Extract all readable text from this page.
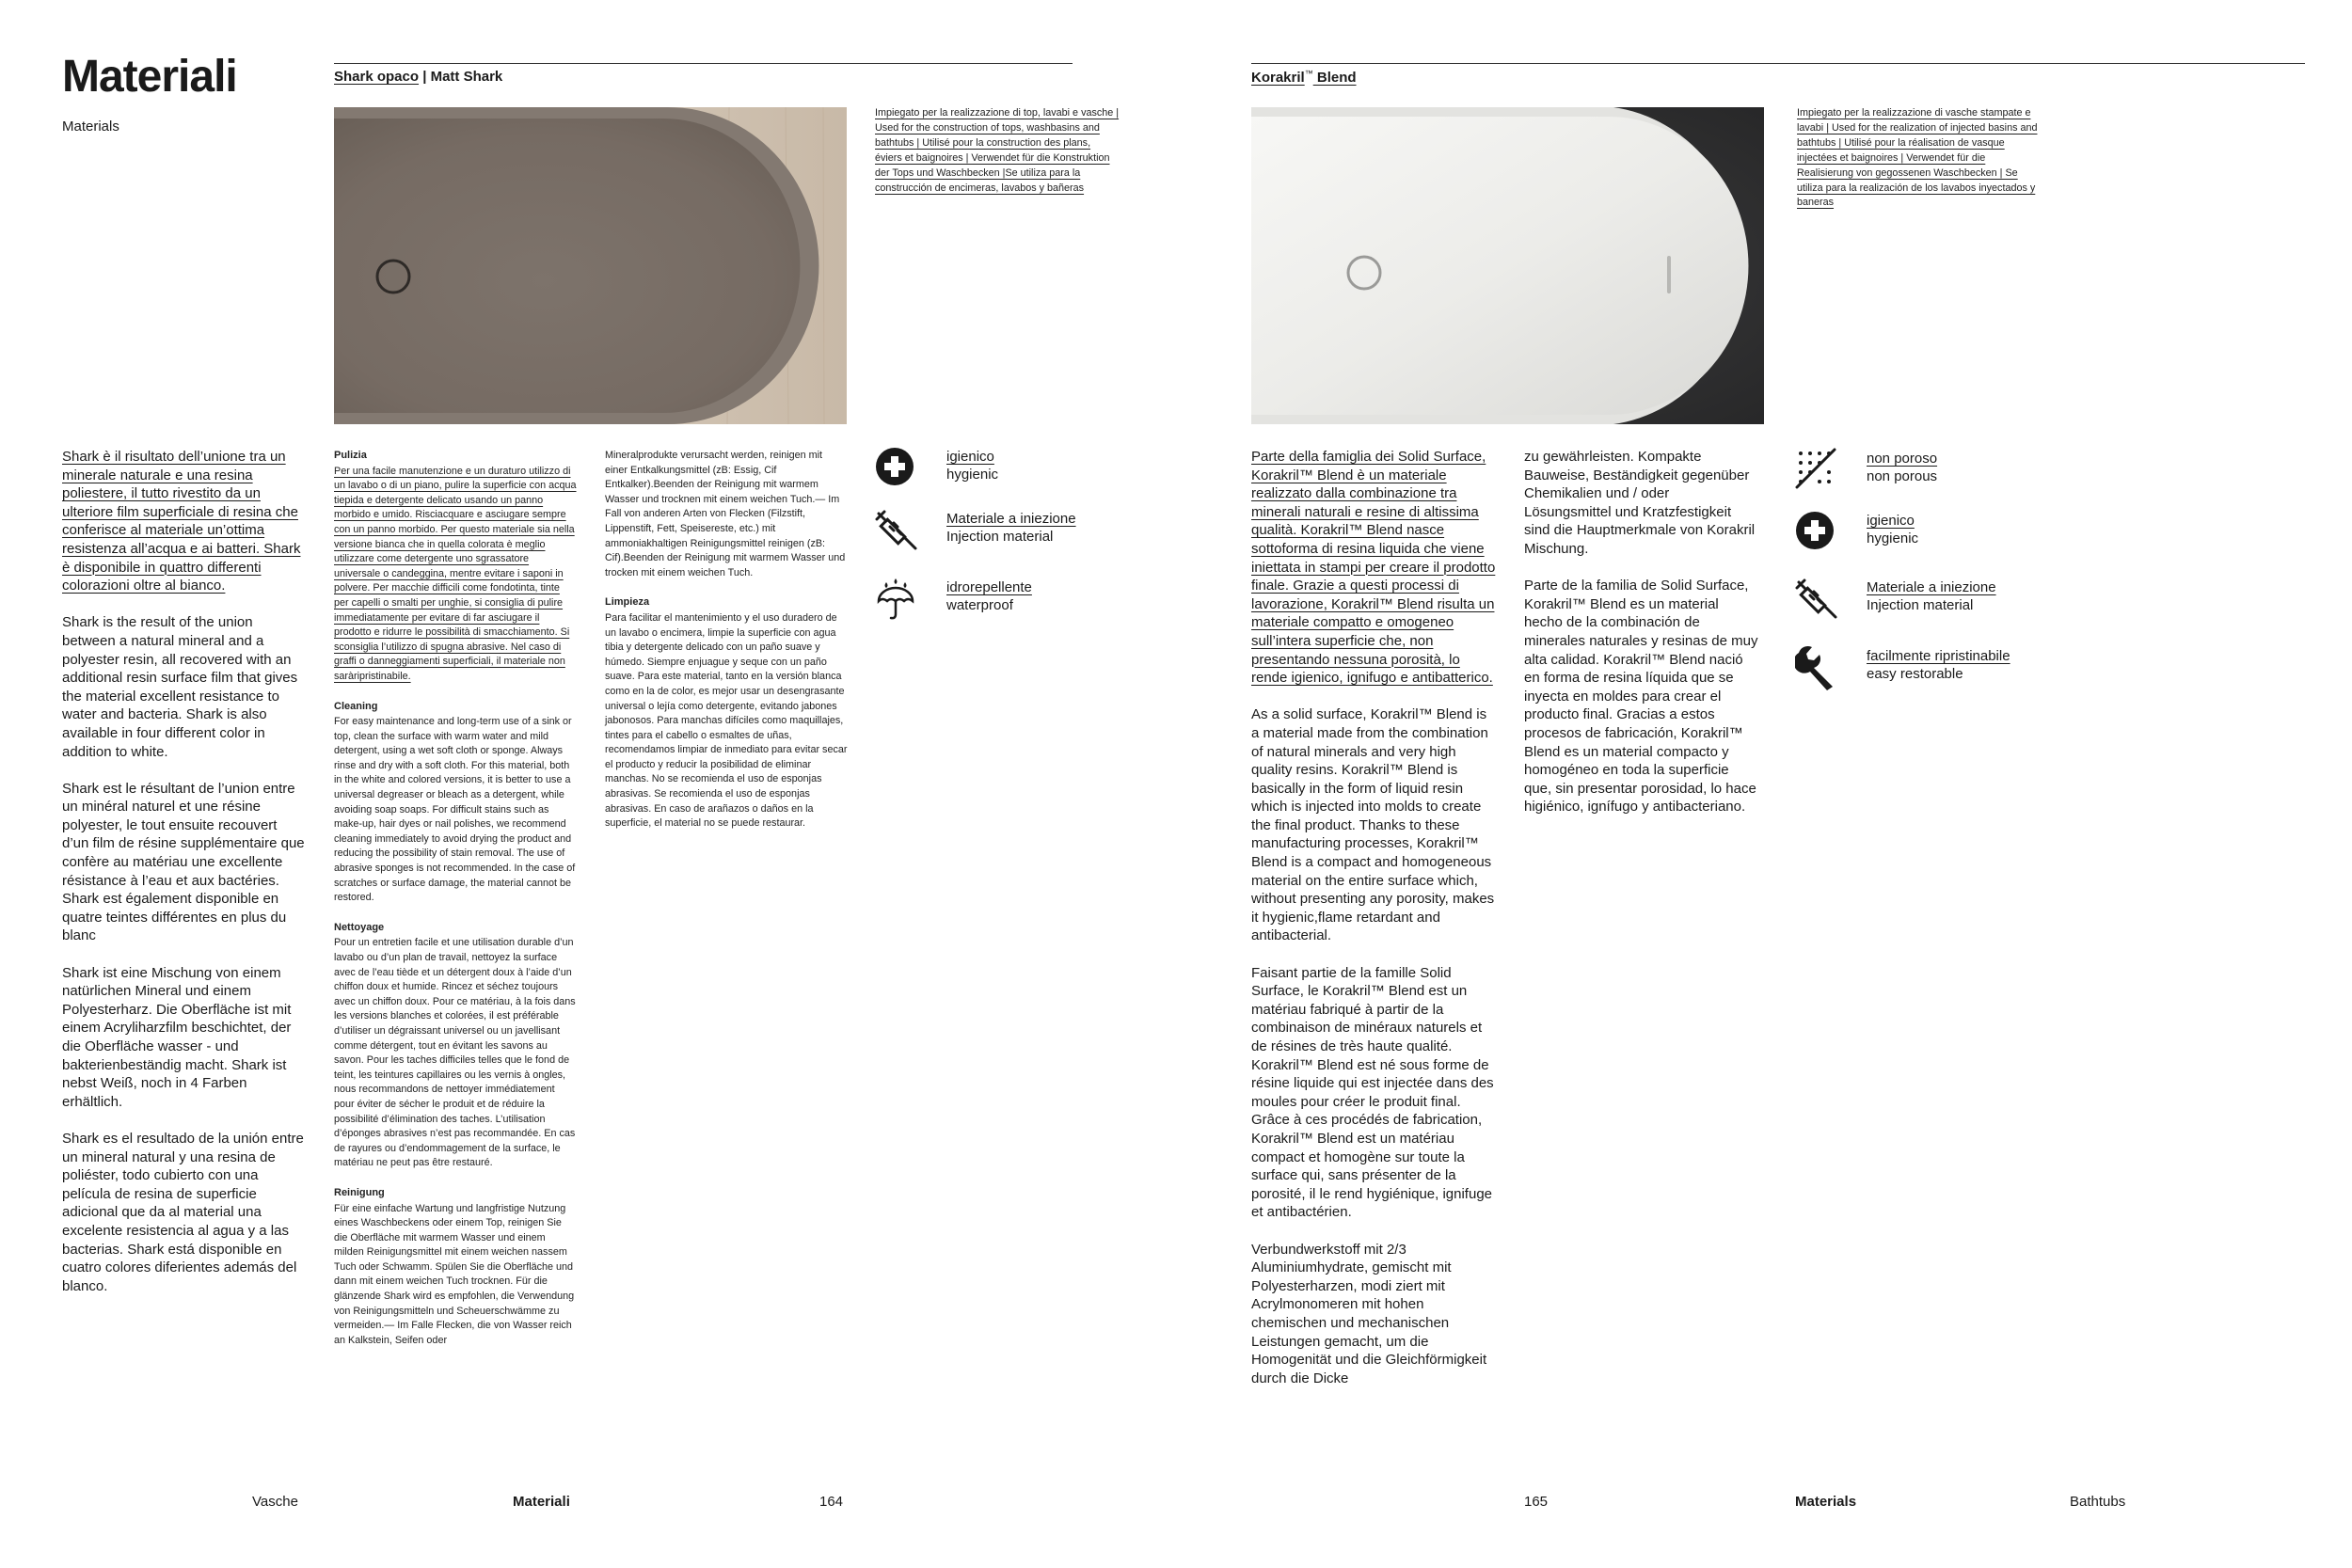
Materiali
Materials
Shark opaco | Matt Shark
Impiegato per la realizzazione di top, lavabi e vasche | Used for the construction of tops, washbasins and bathtubs | Utilisé pour la construction des plans, éviers et baignoires | Verwendet für die Konstruktion der Tops und Waschbecken |Se utiliza para la construcción de encimeras, lavabos y bañeras

Shark è il risultato dell’unione tra un minerale naturale e una resina poliestere, il tutto rivestito da un ulteriore film superficiale di resina che conferisce al materiale un’ottima resistenza all’acqua e ai batteri. Shark è disponibile in quattro differenti colorazioni oltre al bianco.

Shark is the result of the union between a natural mineral and a polyester resin, all recovered with an additional resin surface film that gives the material excellent resistance to water and bacteria. Shark is also available in four different color in addition to white.

Shark est le résultant de l’union entre un minéral naturel et une résine polyester, le tout ensuite recouvert d’un film de résine supplémentaire que confère au matériau une excellente résistance à l’eau et aux bactéries. Shark est également disponible en quatre teintes différentes en plus du blanc

Shark ist eine Mischung von einem natürlichen Mineral und einem Polyesterharz. Die Oberfläche ist mit einem Acryliharzfilm beschichtet, der die Oberfläche wasser - und bakterienbeständig macht. Shark ist nebst Weiß, noch in 4 Farben erhältlich.

Shark es el resultado de la unión entre un mineral natural y una resina de poliéster, todo cubierto con una película de resina de superficie adicional que da al material una excelente resistencia al agua y a las bacterias. Shark está disponible en cuatro colores diferientes además del blanco.

Pulizia
Per una facile manutenzione e un duraturo utilizzo di un lavabo o di un piano, pulire la superficie con acqua tiepida e detergente delicato usando un panno morbido e umido. Risciacquare e asciugare sempre con un panno morbido. Per questo materiale sia nella versione bianca che in quella colorata è meglio utilizzare come detergente uno sgrassatore universale o candeggina, mentre evitare i saponi in polvere. Per macchie difficili come fondotinta, tinte per capelli o smalti per unghie, si consiglia di pulire immediatamente per evitare di far asciugare il prodotto e ridurre le possibilità di smacchiamento. Si sconsiglia l’utilizzo di spugna abrasive. Nel caso di graffi o danneggiamenti superficiali, il materiale non saràripristinabile.
Cleaning
For easy maintenance and long-term use of a sink or top, clean the surface with warm water and mild detergent, using a wet soft cloth or sponge. Always rinse and dry with a soft cloth. For this material, both in the white and colored versions, it is better to use a universal degreaser or bleach as a detergent, while avoiding soap soaps. For difficult stains such as make-up, hair dyes or nail polishes, we recommend cleaning immediately to avoid drying the product and reducing the possibility of stain removal. The use of abrasive sponges is not recommended. In the case of scratches or surface damage, the material cannot be restored.
Nettoyage
Pour un entretien facile et une utilisation durable d’un lavabo ou d’un plan de travail, nettoyez la surface avec de l’eau tiède et un détergent doux à l’aide d’un chiffon doux et humide. Rincez et séchez toujours avec un chiffon doux. Pour ce matériau, à la fois dans les versions blanches et colorées, il est préférable d’utiliser un dégraissant universel ou un javellisant comme détergent, tout en évitant les savons au savon. Pour les taches difficiles telles que le fond de teint, les teintures capillaires ou les vernis à ongles, nous recommandons de nettoyer immédiatement pour éviter de sécher le produit et de réduire la possibilité d’élimination des taches. L’utilisation d’éponges abrasives n’est pas recommandée. En cas de rayures ou d’endommagement de la surface, le matériau ne peut pas être restauré.
Reinigung
Für eine einfache Wartung und langfristige Nutzung eines Waschbeckens oder einem Top, reinigen Sie die Oberfläche mit warmem Wasser und einem milden Reinigungsmittel mit einem weichen nassem Tuch oder Schwamm. Spülen Sie die Oberfläche und dann mit einem weichen Tuch trocknen. Für die glänzende Shark wird es empfohlen, die Verwendung von Reinigungsmitteln und Scheuerschwämme zu vermeiden.— Im Falle Flecken, die von Wasser reich an Kalkstein, Seifen oder
Mineralprodukte verursacht werden, reinigen mit einer Entkalkungsmittel (zB: Essig, Cif Entkalker).Beenden der Reinigung mit warmem Wasser und trocknen mit einem weichen Tuch.— Im Fall von anderen Arten von Flecken (Filzstift, Lippenstift, Fett, Speisereste, etc.) mit ammoniakhaltigen Reinigungsmittel reinigen (zB: Cif).Beenden der Reinigung mit warmem Wasser und trocken mit einem weichen Tuch.
Limpieza
Para facilitar el mantenimiento y el uso duradero de un lavabo o encimera, limpie la superficie con agua tibia y detergente delicado con un paño suave y húmedo. Siempre enjuague y seque con un paño suave. Para este material, tanto en la versión blanca como en la de color, es mejor usar un desengrasante universal o lejía como detergente, evitando jabones jabonosos. Para manchas difíciles como maquillajes, tintes para el cabello o esmaltes de uñas, recomendamos limpiar de inmediato para evitar secar el producto y reducir la posibilidad de eliminar manchas. No se recomienda el uso de esponjas abrasivas. Se recomienda el uso de esponjas abrasivas. En caso de arañazos o daños en la superficie, el material no se puede restaurar.
igienico
hygienic
Materiale a iniezione
Injection material
idrorepellente
waterproof
Vasche	Materiali	164
Korakril™ Blend
Impiegato per la realizzazione di vasche stampate e lavabi | Used for the realization of injected basins and bathtubs | Utilisé pour la réalisation de vasque injectées et baignoires | Verwendet für die Realisierung von gegossenen Waschbecken | Se utiliza para la realización de los lavabos inyectados y baneras

Parte della famiglia dei Solid Surface, Korakril™ Blend è un materiale realizzato dalla combinazione tra minerali naturali e resine di altissima qualità. Korakril™ Blend nasce sottoforma di resina liquida che viene iniettata in stampi per creare il prodotto finale. Grazie a questi processi di lavorazione, Korakril™ Blend risulta un materiale compatto e omogeneo sull’intera superficie che, non presentando nessuna porosità, lo rende igienico, ignifugo e antibatterico.

As a solid surface, Korakril™ Blend is a material made from the combination of natural minerals and very high quality resins. Korakril™ Blend is basically in the form of liquid resin which is injected into molds to create the final product. Thanks to these manufacturing processes, Korakril™ Blend is a compact and homogeneous material on the entire surface which, without presenting any porosity, makes it hygienic,flame retardant and antibacterial.

Faisant partie de la famille Solid Surface, le Korakril™ Blend est un matériau fabriqué à partir de la combinaison de minéraux naturels et de résines de très haute qualité. Korakril™ Blend est né sous forme de résine liquide qui est injectée dans des moules pour créer le produit final. Grâce à ces procédés de fabrication, Korakril™ Blend est un matériau compact et homogène sur toute la surface qui, sans présenter de la porosité, il le rend hygiénique, ignifuge et antibactérien.

Verbundwerkstoff mit 2/3 Aluminiumhydrate, gemischt mit Polyesterharzen, modi ziert mit Acrylmonomeren mit hohen chemischen und mechanischen Leistungen gemacht, um die Homogenität und die Gleichförmigkeit durch die Dicke

zu gewährleisten. Kompakte Bauweise, Beständigkeit gegenüber Chemikalien und / oder Lösungsmittel und Kratzfestigkeit sind die Hauptmerkmale von Korakril Mischung.

Parte de la familia de Solid Surface, Korakril™ Blend es un material hecho de la combinación de minerales naturales y resinas de muy alta calidad. Korakril™ Blend nació en forma de resina líquida que se inyecta en moldes para crear el producto final. Gracias a estos procesos de fabricación, Korakril™ Blend es un material compacto y homogéneo en toda la superficie que, sin presentar porosidad, lo hace higiénico, ignífugo y antibacteriano.

non poroso
non porous
igienico
hygienic
Materiale a iniezione
Injection material
facilmente ripristinabile
easy restorable
165	Materials	Bathtubs
